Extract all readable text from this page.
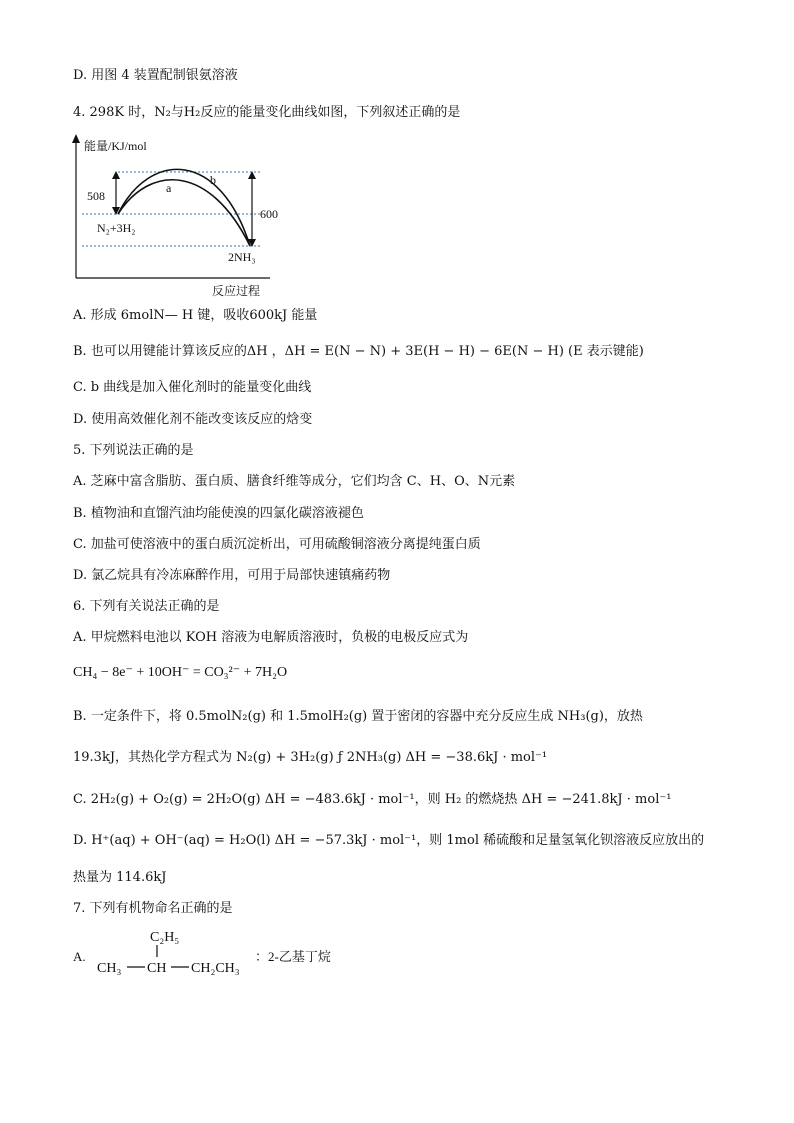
D. 用图 4 装置配制银氨溶液
4. 298K 时，N₂与H₂反应的能量变化曲线如图，下列叙述正确的是
能量/KJ/mol
反应过程
a
b
508
600
N₂+3H₂
2NH₃
A. 形成 6molN— H 键，吸收600kJ 能量
B. 也可以用键能计算该反应的ΔH ，ΔH = E(N − N) + 3E(H − H) − 6E(N − H) (E 表示键能)
C. b 曲线是加入催化剂时的能量变化曲线
D. 使用高效催化剂不能改变该反应的焓变
5. 下列说法正确的是
A. 芝麻中富含脂肪、蛋白质、膳食纤维等成分，它们均含 C、H、O、N元素
B. 植物油和直馏汽油均能使溴的四氯化碳溶液褪色
C. 加盐可使溶液中的蛋白质沉淀析出，可用硫酸铜溶液分离提纯蛋白质
D. 氯乙烷具有冷冻麻醉作用，可用于局部快速镇痛药物
6. 下列有关说法正确的是
A. 甲烷燃料电池以 KOH 溶液为电解质溶液时，负极的电极反应式为
CH₄ − 8e⁻ + 10OH⁻ = CO₃²⁻ + 7H₂O
B. 一定条件下，将 0.5molN₂(g) 和 1.5molH₂(g) 置于密闭的容器中充分反应生成 NH₃(g)，放热
19.3kJ，其热化学方程式为 N₂(g) + 3H₂(g) ƒ 2NH₃(g) ΔH = −38.6kJ · mol⁻¹
C. 2H₂(g) + O₂(g) = 2H₂O(g) ΔH = −483.6kJ · mol⁻¹，则 H₂ 的燃烧热 ΔH = −241.8kJ · mol⁻¹
D. H⁺(aq) + OH⁻(aq) = H₂O(l) ΔH = −57.3kJ · mol⁻¹，则 1mol 稀硫酸和足量氢氧化钡溶液反应放出的
热量为 114.6kJ
7. 下列有机物命名正确的是
A.
C₂H₅
CH₃ CH CH₂CH₃
：2-乙基丁烷
